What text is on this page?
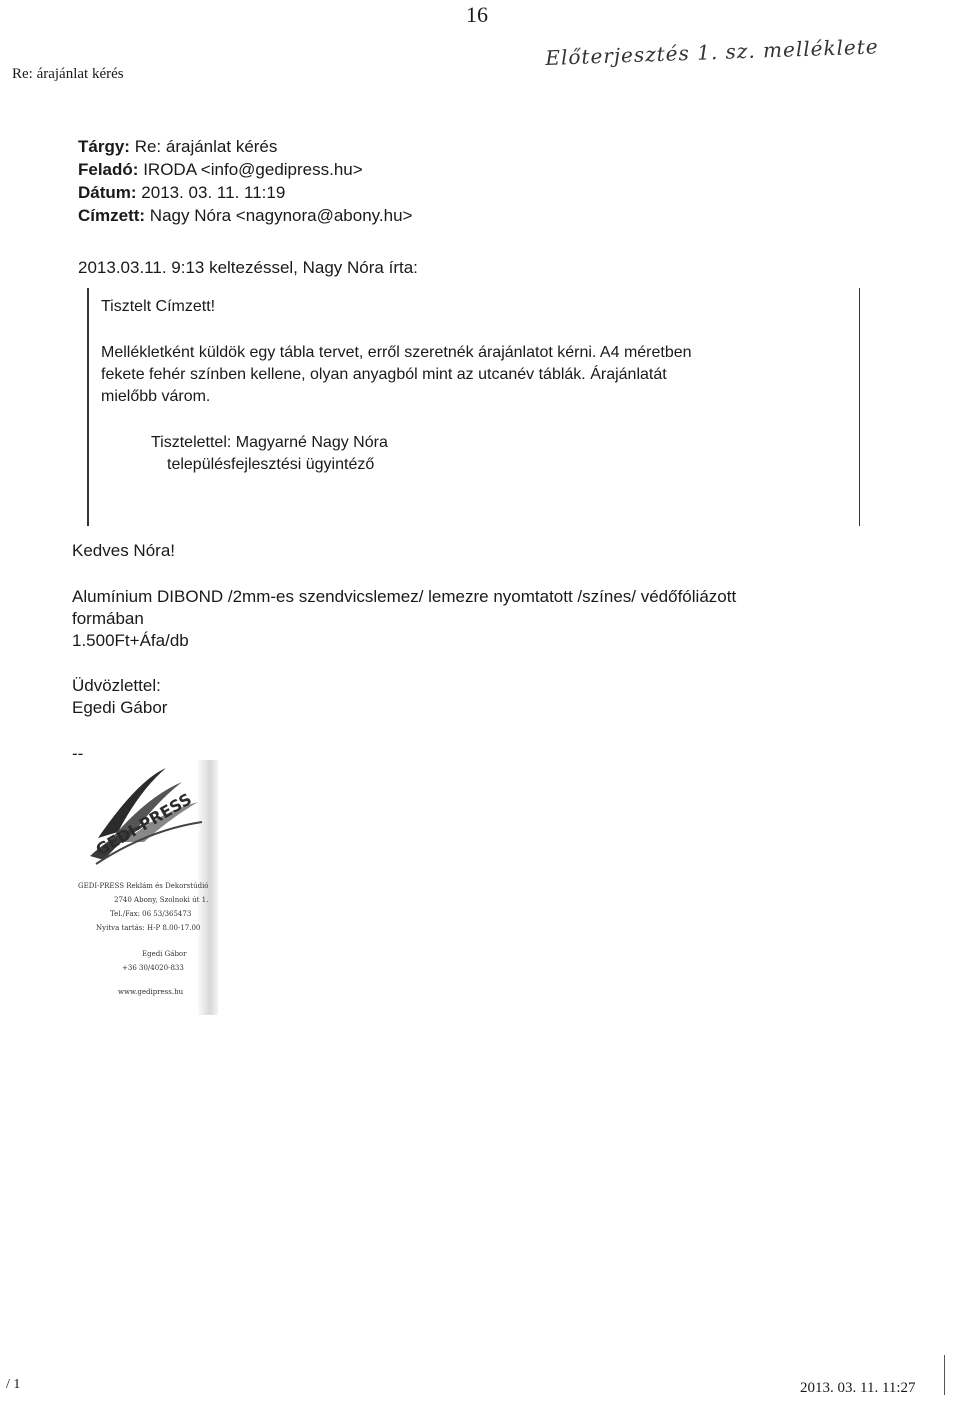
16
Re: árajánlat kérés
Előterjesztés 1. sz. melléklete
Tárgy: Re: árajánlat kérés
Feladó: IRODA <info@gedipress.hu>
Dátum: 2013. 03. 11. 11:19
Címzett: Nagy Nóra <nagynora@abony.hu>
2013.03.11. 9:13 keltezéssel, Nagy Nóra írta:
Tisztelt Címzett!
Mellékletként küldök egy tábla tervet, erről szeretnék árajánlatot kérni. A4 méretben
fekete fehér színben kellene, olyan anyagból mint az utcanév táblák. Árajánlatát
mielőbb várom.
Tisztelettel: Magyarné Nagy Nóra
településfejlesztési ügyintéző
Kedves Nóra!
Alumínium DIBOND /2mm-es szendvicslemez/ lemezre nyomtatott /színes/ védőfóliázott
formában
1.500Ft+Áfa/db
Üdvözlettel:
Egedi Gábor
--
GEDI-PRESS
GEDI-PRESS Reklám és Dekorstúdió
2740 Abony, Szolnoki út 1.
Tel./Fax: 06 53/365473
Nyitva tartás: H-P 8.00-17.00
Egedi Gábor
+36 30/4020-833
www.gedipress.hu
/ 1	2013. 03. 11. 11:27
